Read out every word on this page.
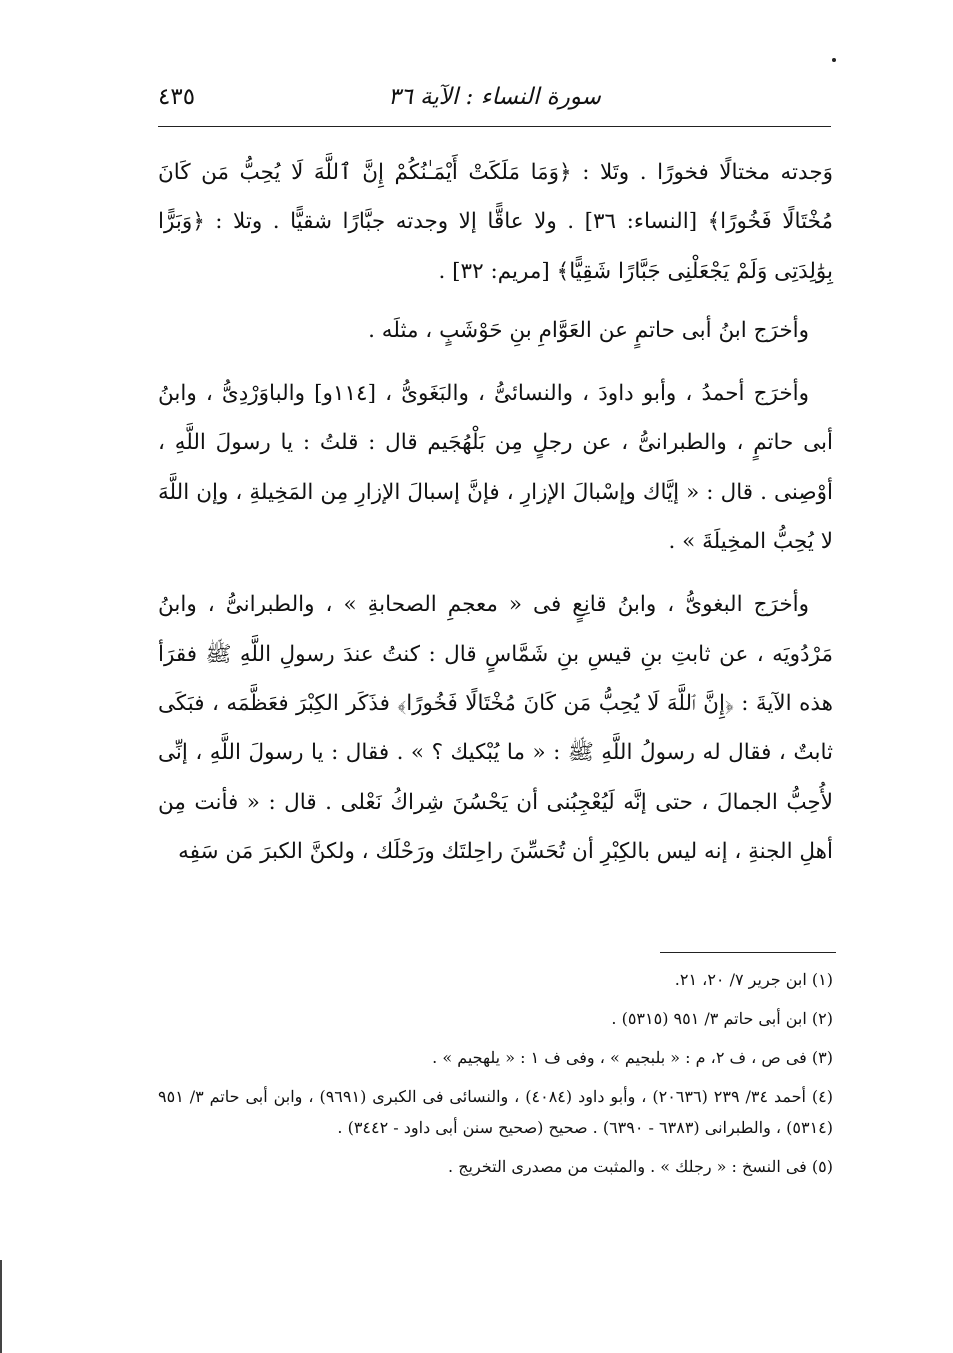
سورة النساء : الآية ٣٦
٤٣٥

وَجدته مختالًا فخورًا . وتَلا : ﴿وَمَا مَلَكَتْ أَيْمَـٰنُكُمْ إِنَّ ٱللَّهَ لَا يُحِبُّ مَن كَانَ مُخْتَالًا فَخُورًا﴾ [النساء: ٣٦] . ولا عاقًّا إلا وجدته جبَّارًا شقيًّا . وتلا : ﴿وَبَرًّا بِوَٰلِدَتِى وَلَمْ يَجْعَلْنِى جَبَّارًا شَقِيًّا﴾ [مريم: ٣٢] .

وأخرَج ابنُ أبى حاتمٍ عن العَوَّامِ بنِ حَوْشَبٍ ، مثلَه .

وأخرَج أحمدُ ، وأبو داودَ ، والنسائىُّ ، والبَغَوىُّ ، [١١٤و] والباوَرْدِىُّ ، وابنُ أبى حاتمٍ ، والطبرانىُّ ، عن رجلٍ مِن بَلْهُجَيم قال : قلتُ : يا رسولَ اللَّهِ ، أوْصِنى . قال : « إيَّاك وإسْبالَ الإزارِ ، فإنَّ إسبالَ الإزارِ مِن المَخِيلةِ ، وإن اللَّهَ لا يُحِبُّ المخِيلَةَ » .

وأخرَج البغوىُّ ، وابنُ قانِعٍ فى « معجمِ الصحابةِ » ، والطبرانىُّ ، وابنُ مَرْدُويَه ، عن ثابتِ بنِ قيسِ بنِ شَمَّاسٍ قال : كنتُ عندَ رسولِ اللَّهِ ﷺ فقرَأ هذه الآيةَ : ﴿إِنَّ ٱللَّهَ لَا يُحِبُّ مَن كَانَ مُخْتَالًا فَخُورًا﴾ فذَكَر الكِبْرَ فعَظَّمَه ، فبَكَى ثابتٌ ، فقال له رسولُ اللَّهِ ﷺ : « ما يُبْكيك ؟ » . فقال : يا رسولَ اللَّهِ ، إنِّى لأُحِبُّ الجمالَ ، حتى إنَّه لَيُعْجِبُنى أن يَحْسُنَ شِراكُ نَعْلى . قال : « فأنت مِن أهلِ الجنةِ ، إنه ليس بالكِبْرِ أن تُحَسِّنَ راحِلتَك ورَحْلَك ، ولكنَّ الكبرَ مَن سَفِه

(١) ابن جرير ٧/ ٢٠، ٢١.
(٢) ابن أبى حاتم ٣/ ٩٥١ (٥٣١٥) .
(٣) فى ص ، ف ٢، م : « بلبجيم » ، وفى ف ١ : « يلهجيم » .
(٤) أحمد ٣٤/ ٢٣٩ (٢٠٦٣٦) ، وأبو داود (٤٠٨٤) ، والنسائى فى الكبرى (٩٦٩١) ، وابن أبى حاتم ٣/ ٩٥١ (٥٣١٤) ، والطبرانى (٦٣٨٣ - ٦٣٩٠) . صحيح (صحيح سنن أبى داود - ٣٤٤٢) .
(٥) فى النسخ : « رجلك » . والمثبت من مصدرى التخريج .
